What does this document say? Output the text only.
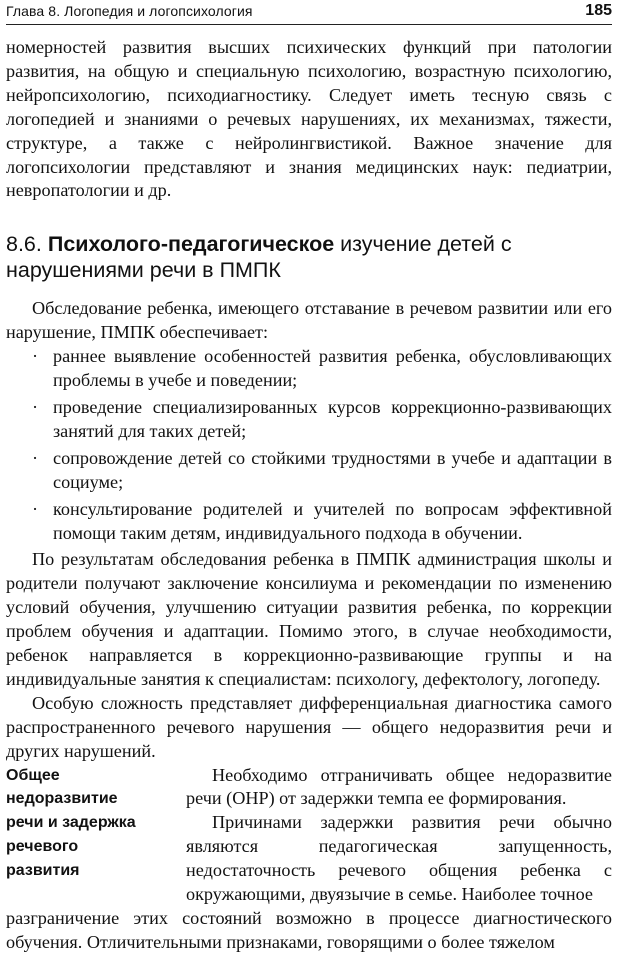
Глава 8. Логопедия и логопсихология	185

номерностей развития высших психических функций при патологии развития, на общую и специальную психологию, возрастную психологию, нейропсихологию, психодиагностику. Следует иметь тесную связь с логопедией и знаниями о речевых нарушениях, их механизмах, тяжести, структуре, а также с нейролингвистикой. Важное значение для логопсихологии представляют и знания медицинских наук: педиатрии, невропатологии и др.

8.6. Психолого-педагогическое изучение детей с нарушениями речи в ПМПК

Обследование ребенка, имеющего отставание в речевом развитии или его нарушение, ПМПК обеспечивает:

· раннее выявление особенностей развития ребенка, обусловливающих проблемы в учебе и поведении;
· проведение специализированных курсов коррекционно-развивающих занятий для таких детей;
· сопровождение детей со стойкими трудностями в учебе и адаптации в социуме;
· консультирование родителей и учителей по вопросам эффективной помощи таким детям, индивидуального подхода в обучении.

По результатам обследования ребенка в ПМПК администрация школы и родители получают заключение консилиума и рекомендации по изменению условий обучения, улучшению ситуации развития ребенка, по коррекции проблем обучения и адаптации. Помимо этого, в случае необходимости, ребенок направляется в коррекционно-развивающие группы и на индивидуальные занятия к специалистам: психологу, дефектологу, логопеду.

Особую сложность представляет дифференциальная диагностика самого распространенного речевого нарушения — общего недоразвития речи и других нарушений.

Общее
недоразвитие
речи и задержка
речевого
развития

Необходимо отграничивать общее недоразвитие речи (ОНР) от задержки темпа ее формирования.

Причинами задержки развития речи обычно являются педагогическая запущенность, недостаточность речевого общения ребенка с окружающими, двуязычие в семье. Наиболее точное

разграничение этих состояний возможно в процессе диагностического обучения. Отличительными признаками, говорящими о более тяжелом
